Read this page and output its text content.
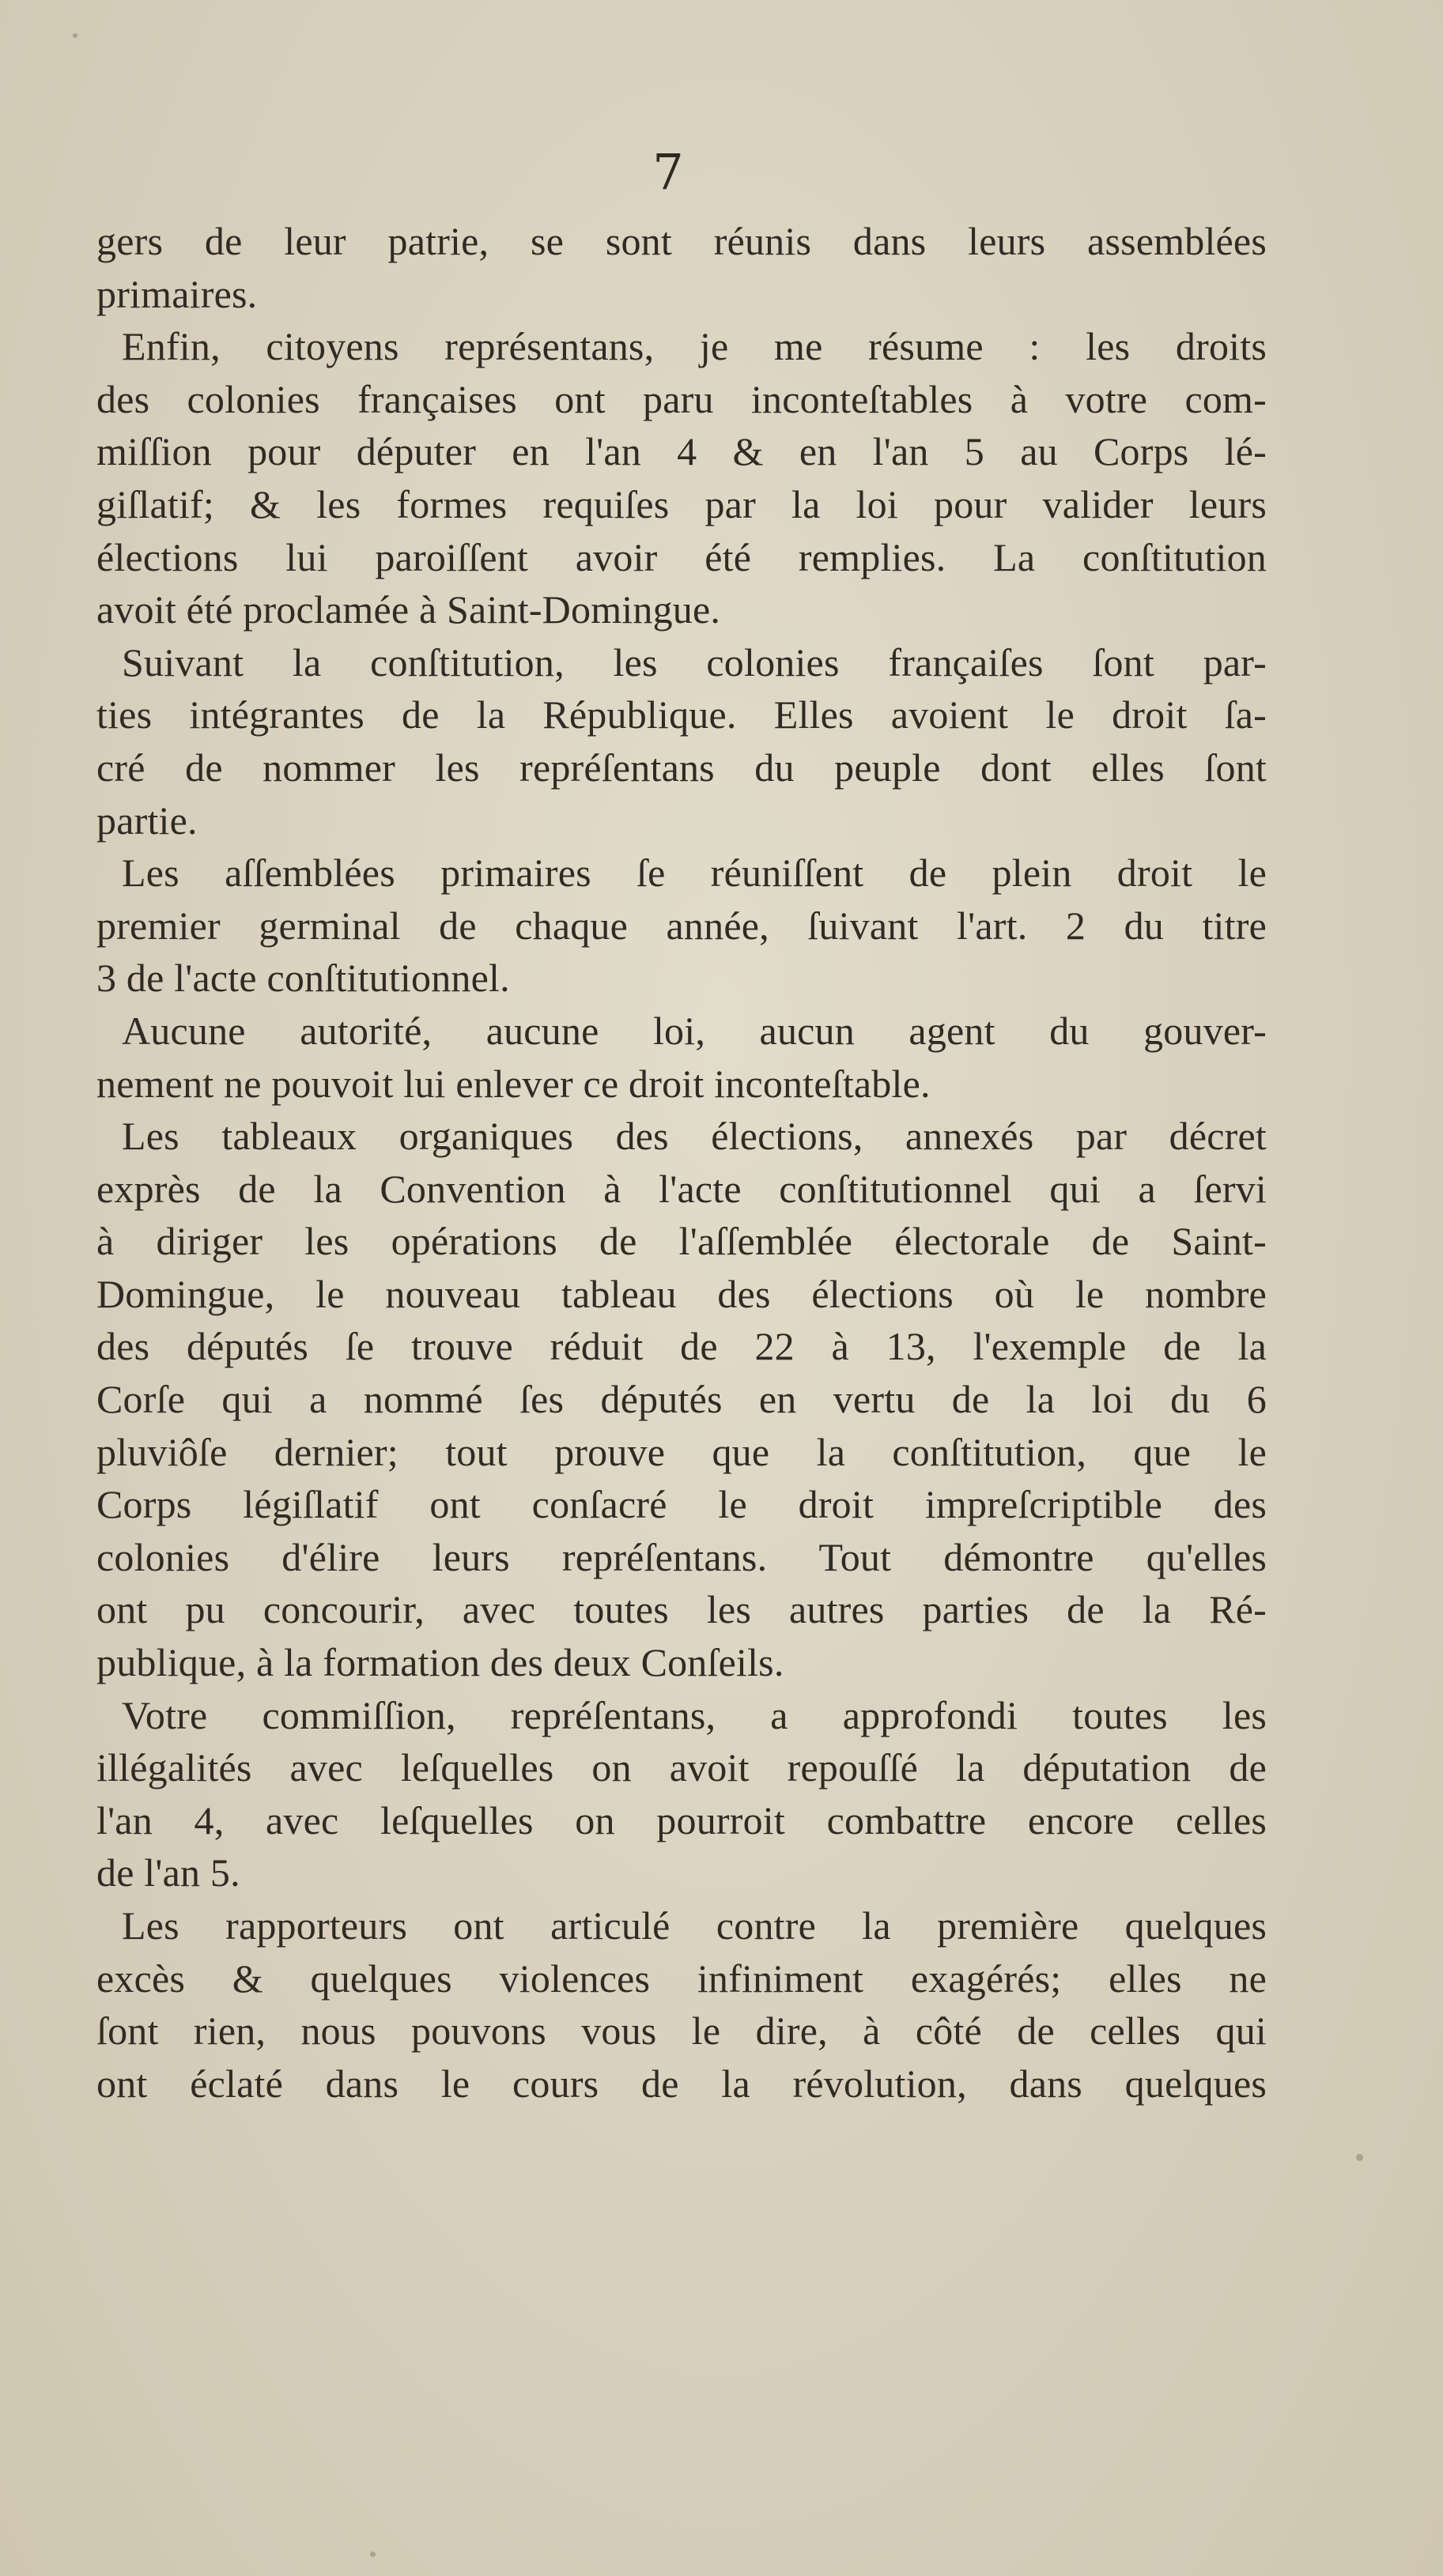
7
gers de leur patrie, se sont réunis dans leurs assemblées
primaires.
Enfin, citoyens représentans, je me résume : les droits
des colonies françaises ont paru inconteſtables à votre com-
miſſion pour députer en l'an 4 & en l'an 5 au Corps lé-
giſlatif; & les formes requiſes par la loi pour valider leurs
élections lui paroiſſent avoir été remplies. La conſtitution
avoit été proclamée à Saint-Domingue.
Suivant la conſtitution, les colonies françaiſes ſont par-
ties intégrantes de la République. Elles avoient le droit ſa-
cré de nommer les repréſentans du peuple dont elles ſont
partie.
Les aſſemblées primaires ſe réuniſſent de plein droit le
premier germinal de chaque année, ſuivant l'art. 2 du titre
3 de l'acte conſtitutionnel.
Aucune autorité, aucune loi, aucun agent du gouver-
nement ne pouvoit lui enlever ce droit inconteſtable.
Les tableaux organiques des élections, annexés par décret
exprès de la Convention à l'acte conſtitutionnel qui a ſervi
à diriger les opérations de l'aſſemblée électorale de Saint-
Domingue, le nouveau tableau des élections où le nombre
des députés ſe trouve réduit de 22 à 13, l'exemple de la
Corſe qui a nommé ſes députés en vertu de la loi du 6
pluviôſe dernier; tout prouve que la conſtitution, que le
Corps légiſlatif ont conſacré le droit impreſcriptible des
colonies d'élire leurs repréſentans. Tout démontre qu'elles
ont pu concourir, avec toutes les autres parties de la Ré-
publique, à la formation des deux Conſeils.
Votre commiſſion, repréſentans, a approfondi toutes les
illégalités avec leſquelles on avoit repouſſé la députation de
l'an 4, avec leſquelles on pourroit combattre encore celles
de l'an 5.
Les rapporteurs ont articulé contre la première quelques
excès & quelques violences infiniment exagérés; elles ne
ſont rien, nous pouvons vous le dire, à côté de celles qui
ont éclaté dans le cours de la révolution, dans quelques
